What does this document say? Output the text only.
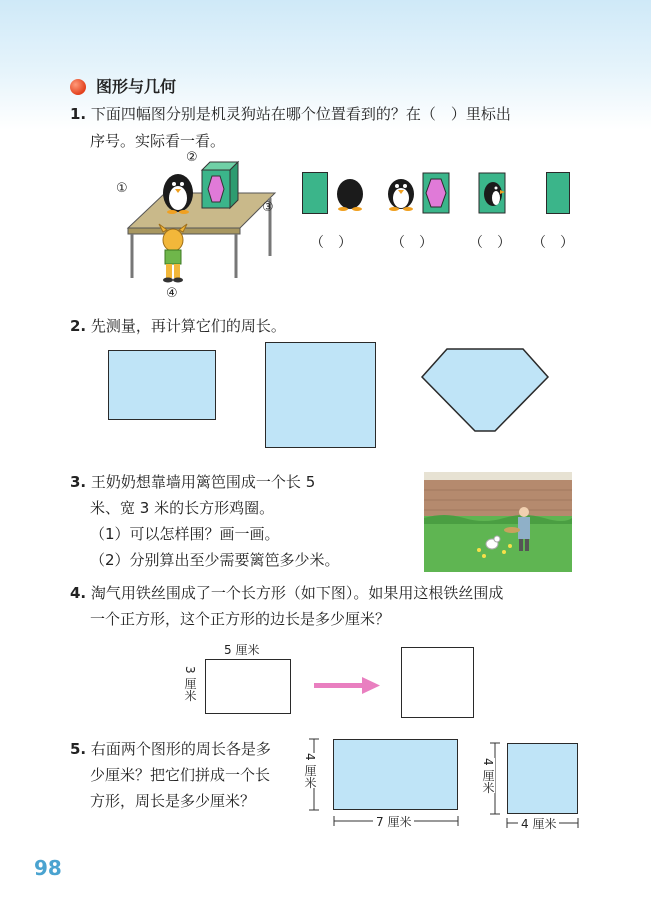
图形与几何
1. 下面四幅图分别是机灵狗站在哪个位置看到的？在（　）里标出
序号。实际看一看。
①
②
③
④
（　）	（　）	（　） （　）
2. 先测量，再计算它们的周长。
3. 王奶奶想靠墙用篱笆围成一个长 5
米、宽 3 米的长方形鸡圈。
（1）可以怎样围？画一画。
（2）分别算出至少需要篱笆多少米。
4. 淘气用铁丝围成了一个长方形（如下图）。如果用这根铁丝围成
一个正方形，这个正方形的边长是多少厘米？
5 厘米
3 厘米
5. 右面两个图形的周长各是多
少厘米？把它们拼成一个长
方形，周长是多少厘米？
4 厘米
7 厘米
4 厘米
4 厘米
98
